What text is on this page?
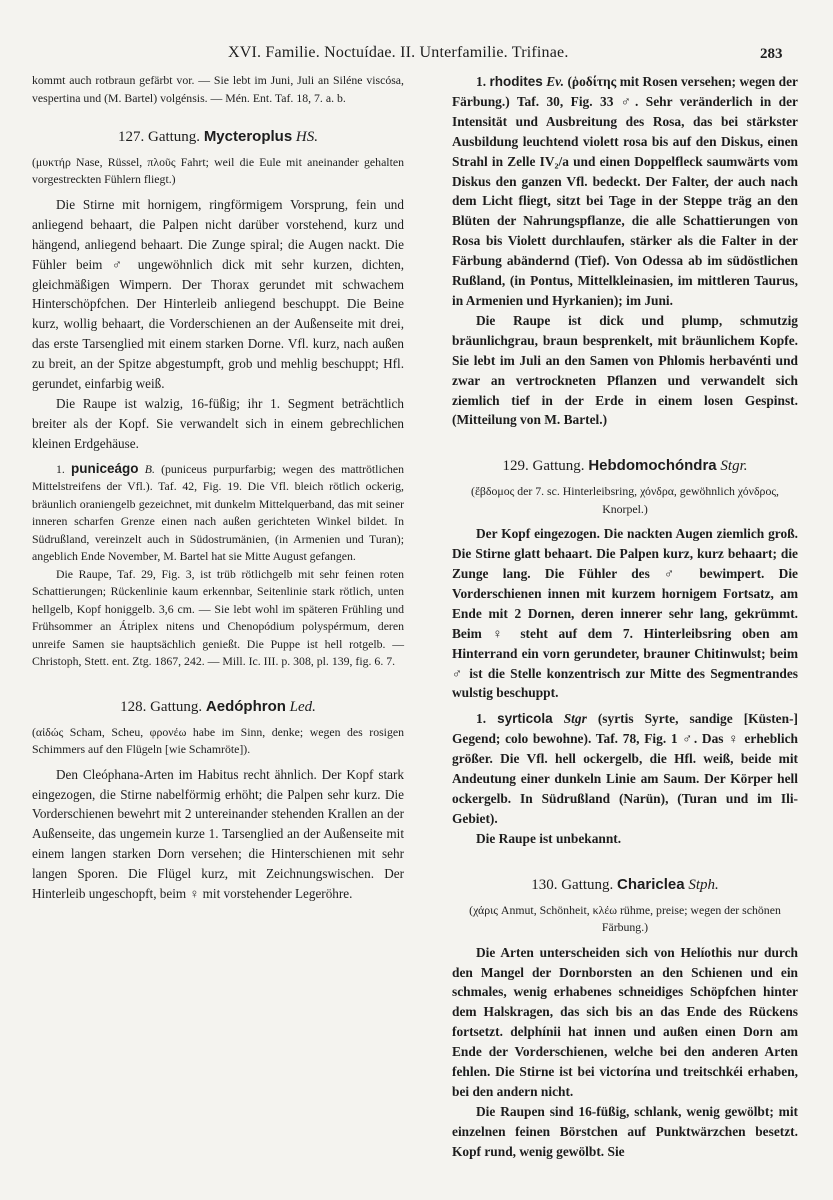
XVI. Familie. Noctuídae. II. Unterfamilie. Trifinae.	283

kommt auch rotbraun gefärbt vor. — Sie lebt im Juni, Juli an Siléne viscósa, vespertina und (M. Bartel) volgénsis. — Mén. Ent. Taf. 18, 7. a. b.

127. Gattung. Mycteroplus HS.

(μυκτήρ Nase, Rüssel, πλοῦς Fahrt; weil die Eule mit aneinander gehalten vorgestreckten Fühlern fliegt.)

Die Stirne mit hornigem, ringförmigem Vorsprung, fein und anliegend behaart, die Palpen nicht darüber vorstehend, kurz und hängend, anliegend behaart. Die Zunge spiral; die Augen nackt. Die Fühler beim ♂ ungewöhnlich dick mit sehr kurzen, dichten, gleichmäßigen Wimpern. Der Thorax gerundet mit schwachem Hinterschöpfchen. Der Hinterleib anliegend beschuppt. Die Beine kurz, wollig behaart, die Vorderschienen an der Außenseite mit drei, das erste Tarsenglied mit einem starken Dorne. Vfl. kurz, nach außen zu breit, an der Spitze abgestumpft, grob und mehlig beschuppt; Hfl. gerundet, einfarbig weiß.

Die Raupe ist walzig, 16-füßig; ihr 1. Segment beträchtlich breiter als der Kopf. Sie verwandelt sich in einem gebrechlichen kleinen Erdgehäuse.

1. puniceágo B. (puniceus purpurfarbig; wegen des mattrötlichen Mittelstreifens der Vfl.). Taf. 42, Fig. 19. Die Vfl. bleich rötlich ockerig, bräunlich oraniengelb gezeichnet, mit dunkelm Mittelquerband, das mit seiner inneren scharfen Grenze einen nach außen gerichteten Winkel bildet. In Südrußland, vereinzelt auch in Südostrumänien, (in Armenien und Turan); angeblich Ende November, M. Bartel hat sie Mitte August gefangen.

Die Raupe, Taf. 29, Fig. 3, ist trüb rötlichgelb mit sehr feinen roten Schattierungen; Rückenlinie kaum erkennbar, Seitenlinie stark rötlich, unten hellgelb, Kopf honiggelb. 3,6 cm. — Sie lebt wohl im späteren Frühling und Frühsommer an Átriplex nitens und Chenopódium polyspérmum, deren unreife Samen sie hauptsächlich genießt. Die Puppe ist hell rotgelb. — Christoph, Stett. ent. Ztg. 1867, 242. — Mill. Ic. III. p. 308, pl. 139, fig. 6. 7.

128. Gattung. Aedóphron Led.

(αἰδώς Scham, Scheu, φρονέω habe im Sinn, denke; wegen des rosigen Schimmers auf den Flügeln [wie Schamröte]).

Den Cleóphana-Arten im Habitus recht ähnlich. Der Kopf stark eingezogen, die Stirne nabelförmig erhöht; die Palpen sehr kurz. Die Vorderschienen bewehrt mit 2 untereinander stehenden Krallen an der Außenseite, das ungemein kurze 1. Tarsenglied an der Außenseite mit einem langen starken Dorn versehen; die Hinterschienen mit sehr langen Sporen. Die Flügel kurz, mit Zeichnungswischen. Der Hinterleib ungeschopft, beim ♀ mit vorstehender Legeröhre.

1. rhodites Ev. (ῥοδίτης mit Rosen versehen; wegen der Färbung.) Taf. 30, Fig. 33 ♂. Sehr veränderlich in der Intensität und Ausbreitung des Rosa, das bei stärkster Ausbildung leuchtend violett rosa bis auf den Diskus, einen Strahl in Zelle IV₂/a und einen Doppelfleck saumwärts vom Diskus den ganzen Vfl. bedeckt. Der Falter, der auch nach dem Licht fliegt, sitzt bei Tage in der Steppe träg an den Blüten der Nahrungspflanze, die alle Schattierungen von Rosa bis Violett durchlaufen, stärker als die Falter in der Färbung abändernd (Tief). Von Odessa ab im südöstlichen Rußland, (in Pontus, Mittelkleinasien, im mittleren Taurus, in Armenien und Hyrkanien); im Juni.

Die Raupe ist dick und plump, schmutzig bräunlichgrau, braun besprenkelt, mit bräunlichem Kopfe. Sie lebt im Juli an den Samen von Phlomis herbavénti und zwar an vertrockneten Pflanzen und verwandelt sich ziemlich tief in der Erde in einem losen Gespinst. (Mitteilung von M. Bartel.)

129. Gattung. Hebdomochóndra Stgr.

(ἕβδομος der 7. sc. Hinterleibsring, χόνδρα, gewöhnlich χόνδρος, Knorpel.)

Der Kopf eingezogen. Die nackten Augen ziemlich groß. Die Stirne glatt behaart. Die Palpen kurz, kurz behaart; die Zunge lang. Die Fühler des ♂ bewimpert. Die Vorderschienen innen mit kurzem hornigem Fortsatz, am Ende mit 2 Dornen, deren innerer sehr lang, gekrümmt. Beim ♀ steht auf dem 7. Hinterleibsring oben am Hinterrand ein vorn gerundeter, brauner Chitinwulst; beim ♂ ist die Stelle konzentrisch zur Mitte des Segmentrandes wulstig beschuppt.

1. syrticola Stgr (syrtis Syrte, sandige [Küsten-] Gegend; colo bewohne). Taf. 78, Fig. 1 ♂. Das ♀ erheblich größer. Die Vfl. hell ockergelb, die Hfl. weiß, beide mit Andeutung einer dunkeln Linie am Saum. Der Körper hell ockergelb. In Südrußland (Narün), (Turan und im Ili-Gebiet).

Die Raupe ist unbekannt.

130. Gattung. Chariclea Stph.

(χάρις Anmut, Schönheit, κλέω rühme, preise; wegen der schönen Färbung.)

Die Arten unterscheiden sich von Helíothis nur durch den Mangel der Dornborsten an den Schienen und ein schmales, wenig erhabenes schneidiges Schöpfchen hinter dem Halskragen, das sich bis an das Ende des Rückens fortsetzt. delphínii hat innen und außen einen Dorn am Ende der Vorderschienen, welche bei den anderen Arten fehlen. Die Stirne ist bei victorína und treitschkéi erhaben, bei den andern nicht.

Die Raupen sind 16-füßig, schlank, wenig gewölbt; mit einzelnen feinen Börstchen auf Punktwärzchen besetzt. Kopf rund, wenig gewölbt. Sie
